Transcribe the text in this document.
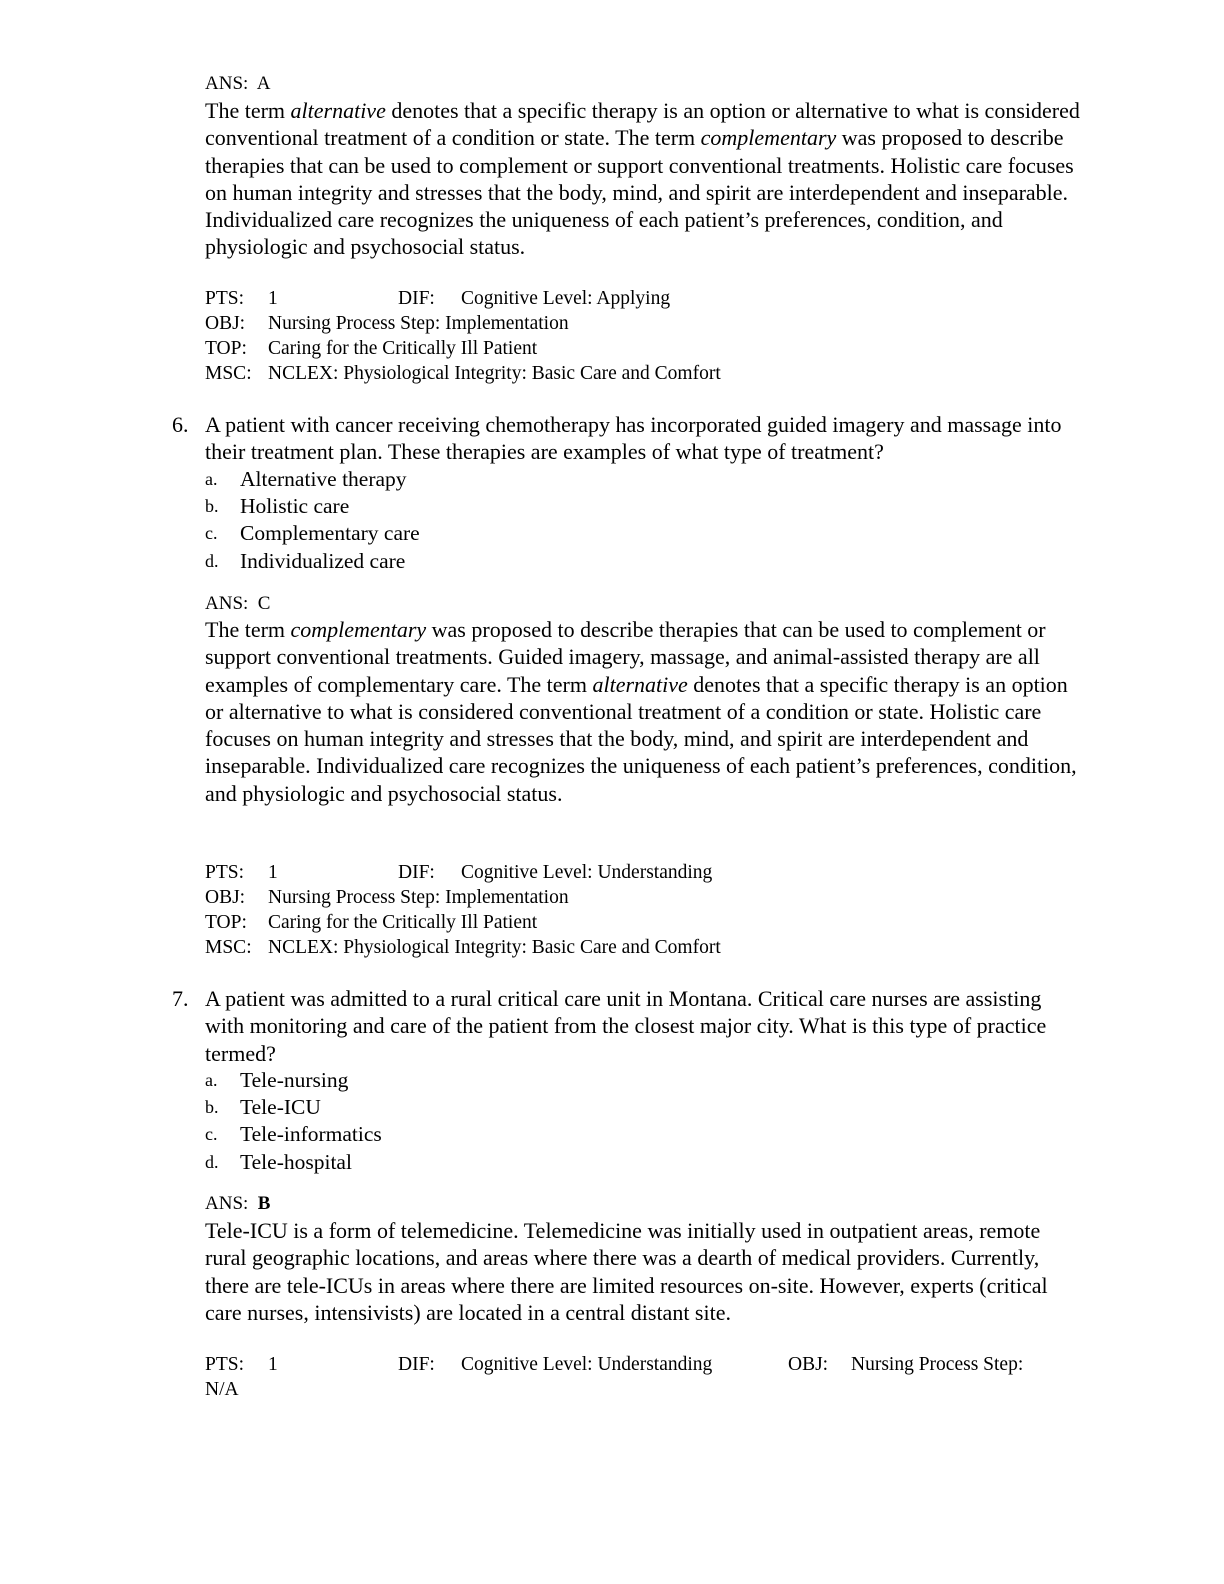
ANS: A
The term alternative denotes that a specific therapy is an option or alternative to what is considered conventional treatment of a condition or state. The term complementary was proposed to describe therapies that can be used to complement or support conventional treatments. Holistic care focuses on human integrity and stresses that the body, mind, and spirit are interdependent and inseparable. Individualized care recognizes the uniqueness of each patient’s preferences, condition, and physiologic and psychosocial status.
PTS:	1	DIF:	Cognitive Level: Applying
OBJ:	Nursing Process Step: Implementation
TOP:	Caring for the Critically Ill Patient
MSC: NCLEX: Physiological Integrity: Basic Care and Comfort
6. A patient with cancer receiving chemotherapy has incorporated guided imagery and massage into their treatment plan. These therapies are examples of what type of treatment?
a.	Alternative therapy
b.	Holistic care
c.	Complementary care
d.	Individualized care
ANS: C
The term complementary was proposed to describe therapies that can be used to complement or support conventional treatments. Guided imagery, massage, and animal-assisted therapy are all examples of complementary care. The term alternative denotes that a specific therapy is an option or alternative to what is considered conventional treatment of a condition or state. Holistic care focuses on human integrity and stresses that the body, mind, and spirit are interdependent and inseparable. Individualized care recognizes the uniqueness of each patient’s preferences, condition, and physiologic and psychosocial status.
PTS:	1	DIF:	Cognitive Level: Understanding
OBJ:	Nursing Process Step: Implementation
TOP:	Caring for the Critically Ill Patient
MSC: NCLEX: Physiological Integrity: Basic Care and Comfort
7. A patient was admitted to a rural critical care unit in Montana. Critical care nurses are assisting with monitoring and care of the patient from the closest major city. What is this type of practice termed?
a.	Tele-nursing
b.	Tele-ICU
c.	Tele-informatics
d.	Tele-hospital
ANS: B
Tele-ICU is a form of telemedicine. Telemedicine was initially used in outpatient areas, remote rural geographic locations, and areas where there was a dearth of medical providers. Currently, there are tele-ICUs in areas where there are limited resources on-site. However, experts (critical care nurses, intensivists) are located in a central distant site.
PTS:	1	DIF:	Cognitive Level: Understanding	OBJ:	Nursing Process Step:
N/A
